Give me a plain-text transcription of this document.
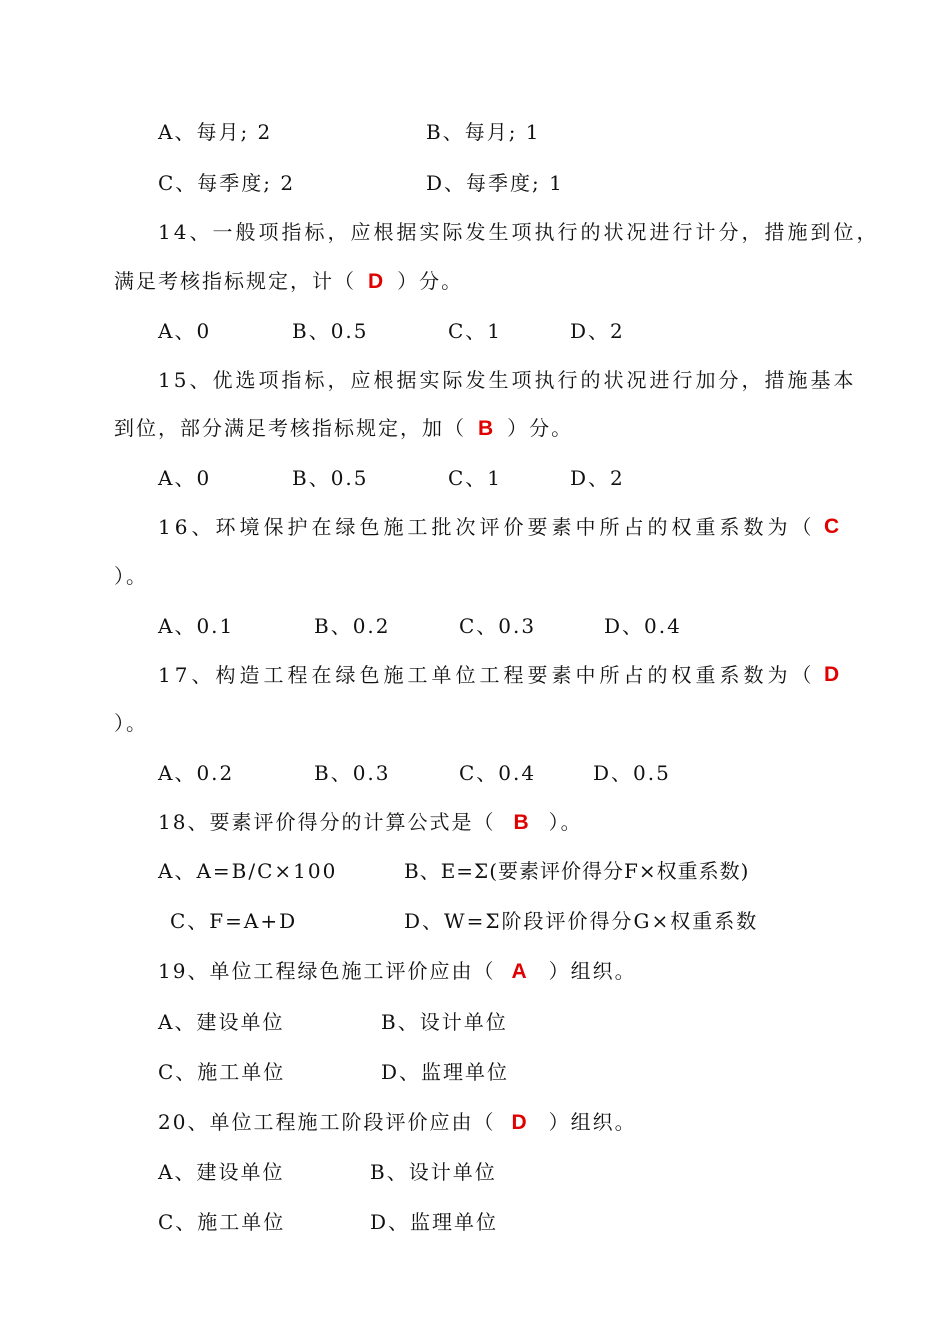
A、每月; 2	B、每月; 1
C、每季度; 2	D、每季度; 1
14、一般项指标，应根据实际发生项执行的状况进行计分，措施到位，
满足考核指标规定，计（ D ）分。
A、0	B、0.5	C、1	D、2
15、优选项指标，应根据实际发生项执行的状况进行加分，措施基本
到位，部分满足考核指标规定，加（ B ）分。
A、0	B、0.5	C、1	D、2
16、环境保护在绿色施工批次评价要素中所占的权重系数为（ C
）。
A、0.1	B、0.2	C、0.3	D、0.4
17、构造工程在绿色施工单位工程要素中所占的权重系数为（ D
）。
A、0.2	B、0.3	C、0.4	D、0.5
18、要素评价得分的计算公式是（ B ）。
A、A=B/C×100	B、E=Σ(要素评价得分F×权重系数)
C、F=A+D	D、W=Σ阶段评价得分G×权重系数
19、单位工程绿色施工评价应由（ A ）组织。
A、建设单位	B、设计单位
C、施工单位	D、监理单位
20、单位工程施工阶段评价应由（ D ）组织。
A、建设单位	B、设计单位
C、施工单位	D、监理单位
